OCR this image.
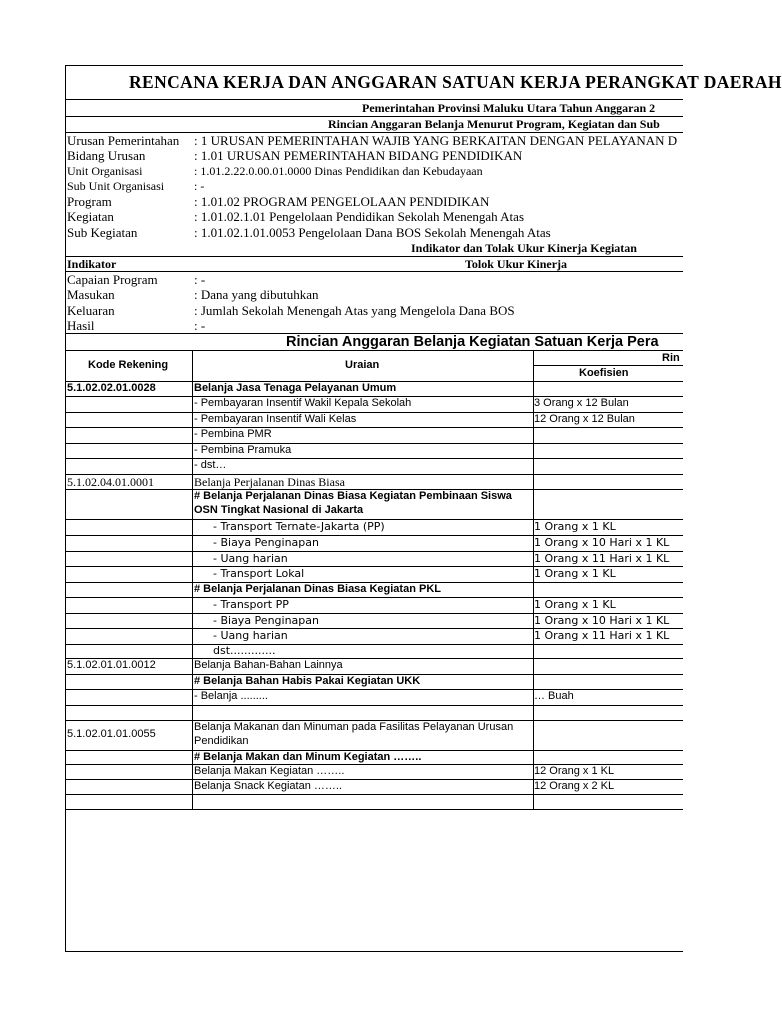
RENCANA KERJA DAN ANGGARAN SATUAN KERJA PERANGKAT DAERAH
Pemerintahan Provinsi Maluku Utara Tahun Anggaran 2
Rincian Anggaran Belanja Menurut Program, Kegiatan dan Sub
Urusan Pemerintahan : 1 URUSAN PEMERINTAHAN WAJIB YANG BERKAITAN DENGAN PELAYANAN D
Bidang Urusan	: 1.01 URUSAN PEMERINTAHAN BIDANG PENDIDIKAN
Unit Organisasi	: 1.01.2.22.0.00.01.0000 Dinas Pendidikan dan Kebudayaan
Sub Unit Organisasi : -
Program	: 1.01.02 PROGRAM PENGELOLAAN PENDIDIKAN
Kegiatan	: 1.01.02.1.01 Pengelolaan Pendidikan Sekolah Menengah Atas
Sub Kegiatan	: 1.01.02.1.01.0053 Pengelolaan Dana BOS Sekolah Menengah Atas
Indikator dan Tolak Ukur Kinerja Kegiatan
Indikator	Tolok Ukur Kinerja
Capaian Program	: -
Masukan	: Dana yang dibutuhkan
Keluaran	: Jumlah Sekolah Menengah Atas yang Mengelola Dana BOS
Hasil	: -
Rincian Anggaran Belanja Kegiatan Satuan Kerja Pera
Rin
Kode Rekening	Uraian
Koefisien
5.1.02.02.01.0028	Belanja Jasa Tenaga Pelayanan Umum
- Pembayaran Insentif Wakil Kepala Sekolah	3 Orang x 12 Bulan
- Pembayaran Insentif Wali Kelas	12 Orang x 12 Bulan
- Pembina PMR
- Pembina Pramuka
- dst…
5.1.02.04.01.0001	Belanja Perjalanan Dinas Biasa
# Belanja Perjalanan Dinas Biasa Kegiatan Pembinaan Siswa
OSN Tingkat Nasional di Jakarta
- Transport Ternate-Jakarta (PP)	1 Orang x 1 KL
- Biaya Penginapan	1 Orang x 10 Hari x 1 KL
- Uang harian	1 Orang x 11 Hari x 1 KL
- Transport Lokal	1 Orang x 1 KL
# Belanja Perjalanan Dinas Biasa Kegiatan PKL
- Transport PP	1 Orang x 1 KL
- Biaya Penginapan	1 Orang x 10 Hari x 1 KL
- Uang harian	1 Orang x 11 Hari x 1 KL
dst.............
5.1.02.01.01.0012	Belanja Bahan-Bahan Lainnya
# Belanja Bahan Habis Pakai Kegiatan UKK
- Belanja .........	… Buah
5.1.02.01.01.0055
Belanja Makanan dan Minuman pada Fasilitas Pelayanan Urusan
Pendidikan
# Belanja Makan dan Minum Kegiatan ……..
Belanja Makan Kegiatan ……..	12 Orang x 1 KL
Belanja Snack Kegiatan ……..	12 Orang x 2 KL
